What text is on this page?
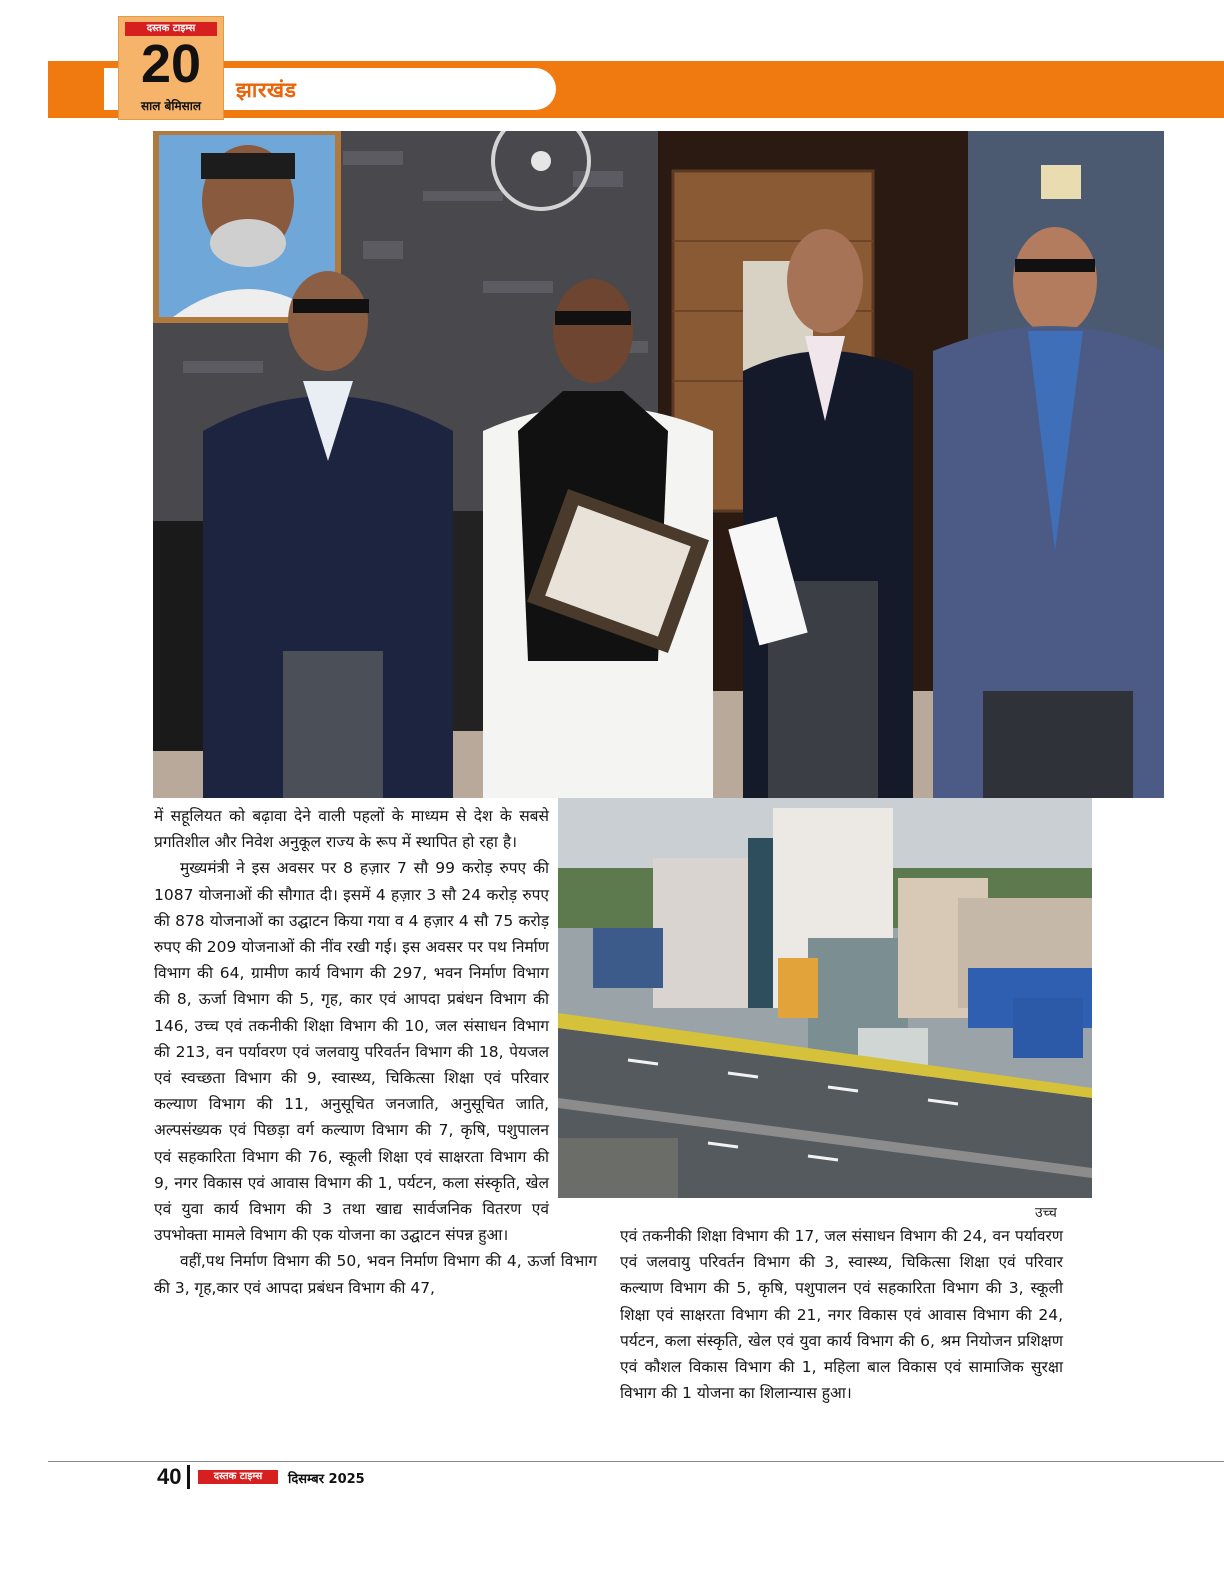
झारखंड
दस्तक टाइम्स
20
साल बेमिसाल
उच्च

में सहूलियत को बढ़ावा देने वाली पहलों के माध्यम से देश के सबसे प्रगतिशील और निवेश अनुकूल राज्य के रूप में स्थापित हो रहा है।

मुख्यमंत्री ने इस अवसर पर 8 हज़ार 7 सौ 99 करोड़ रुपए की 1087 योजनाओं की सौगात दी। इसमें 4 हज़ार 3 सौ 24 करोड़ रुपए की 878 योजनाओं का उद्घाटन किया गया व 4 हज़ार 4 सौ 75 करोड़ रुपए की 209 योजनाओं की नींव रखी गई। इस अवसर पर पथ निर्माण विभाग की 64, ग्रामीण कार्य विभाग की 297, भवन निर्माण विभाग की 8, ऊर्जा विभाग की 5, गृह, कार एवं आपदा प्रबंधन विभाग की 146, उच्च एवं तकनीकी शिक्षा विभाग की 10, जल संसाधन विभाग की 213, वन पर्यावरण एवं जलवायु परिवर्तन विभाग की 18, पेयजल एवं स्वच्छता विभाग की 9, स्वास्थ्य, चिकित्सा शिक्षा एवं परिवार कल्याण विभाग की 11, अनुसूचित जनजाति, अनुसूचित जाति, अल्पसंख्यक एवं पिछड़ा वर्ग कल्याण विभाग की 7, कृषि, पशुपालन एवं सहकारिता विभाग की 76, स्कूली शिक्षा एवं साक्षरता विभाग की 9, नगर विकास एवं आवास विभाग की 1, पर्यटन, कला संस्कृति, खेल एवं युवा कार्य विभाग की 3 तथा खाद्य सार्वजनिक वितरण एवं उपभोक्ता मामले विभाग की एक योजना का उद्घाटन संपन्न हुआ।

वहीं,पथ निर्माण विभाग की 50, भवन निर्माण विभाग की 4, ऊर्जा विभाग की 3, गृह,कार एवं आपदा प्रबंधन विभाग की 47,

एवं तकनीकी शिक्षा विभाग की 17, जल संसाधन विभाग की 24, वन पर्यावरण एवं जलवायु परिवर्तन विभाग की 3, स्वास्थ्य, चिकित्सा शिक्षा एवं परिवार कल्याण विभाग की 5, कृषि, पशुपालन एवं सहकारिता विभाग की 3, स्कूली शिक्षा एवं साक्षरता विभाग की 21, नगर विकास एवं आवास विभाग की 24, पर्यटन, कला संस्कृति, खेल एवं युवा कार्य विभाग की 6, श्रम नियोजन प्रशिक्षण एवं कौशल विकास विभाग की 1, महिला बाल विकास एवं सामाजिक सुरक्षा विभाग की 1 योजना का शिलान्यास हुआ।

40	दस्तक टाइम्स	दिसम्बर 2025
